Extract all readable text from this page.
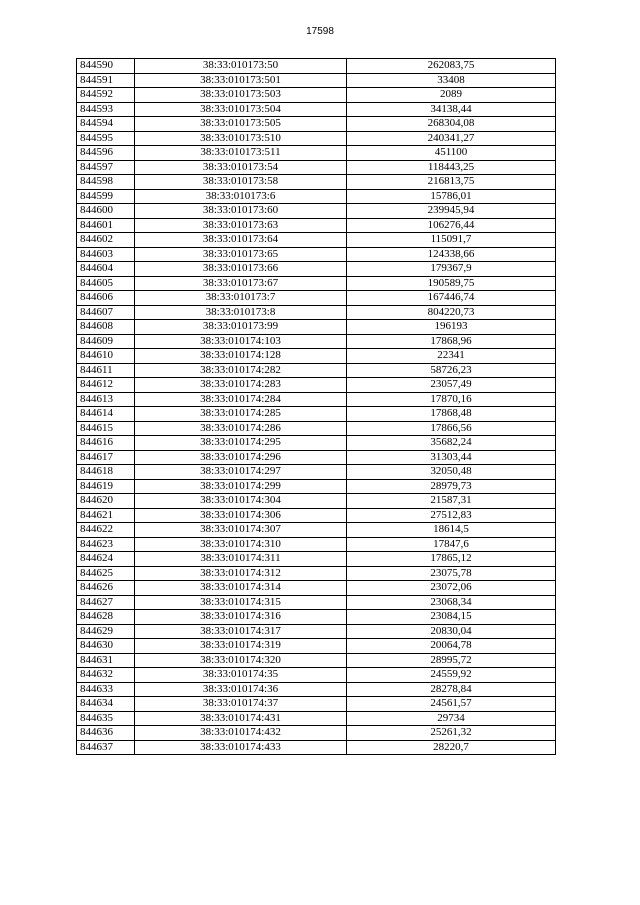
17598
844590	38:33:010173:50	262083,75
844591	38:33:010173:501	33408
844592	38:33:010173:503	2089
844593	38:33:010173:504	34138,44
844594	38:33:010173:505	268304,08
844595	38:33:010173:510	240341,27
844596	38:33:010173:511	451100
844597	38:33:010173:54	118443,25
844598	38:33:010173:58	216813,75
844599	38:33:010173:6	15786,01
844600	38:33:010173:60	239945,94
844601	38:33:010173:63	106276,44
844602	38:33:010173:64	115091,7
844603	38:33:010173:65	124338,66
844604	38:33:010173:66	179367,9
844605	38:33:010173:67	190589,75
844606	38:33:010173:7	167446,74
844607	38:33:010173:8	804220,73
844608	38:33:010173:99	196193
844609	38:33:010174:103	17868,96
844610	38:33:010174:128	22341
844611	38:33:010174:282	58726,23
844612	38:33:010174:283	23057,49
844613	38:33:010174:284	17870,16
844614	38:33:010174:285	17868,48
844615	38:33:010174:286	17866,56
844616	38:33:010174:295	35682,24
844617	38:33:010174:296	31303,44
844618	38:33:010174:297	32050,48
844619	38:33:010174:299	28979,73
844620	38:33:010174:304	21587,31
844621	38:33:010174:306	27512,83
844622	38:33:010174:307	18614,5
844623	38:33:010174:310	17847,6
844624	38:33:010174:311	17865,12
844625	38:33:010174:312	23075,78
844626	38:33:010174:314	23072,06
844627	38:33:010174:315	23068,34
844628	38:33:010174:316	23084,15
844629	38:33:010174:317	20830,04
844630	38:33:010174:319	20064,78
844631	38:33:010174:320	28995,72
844632	38:33:010174:35	24559,92
844633	38:33:010174:36	28278,84
844634	38:33:010174:37	24561,57
844635	38:33:010174:431	29734
844636	38:33:010174:432	25261,32
844637	38:33:010174:433	28220,7
